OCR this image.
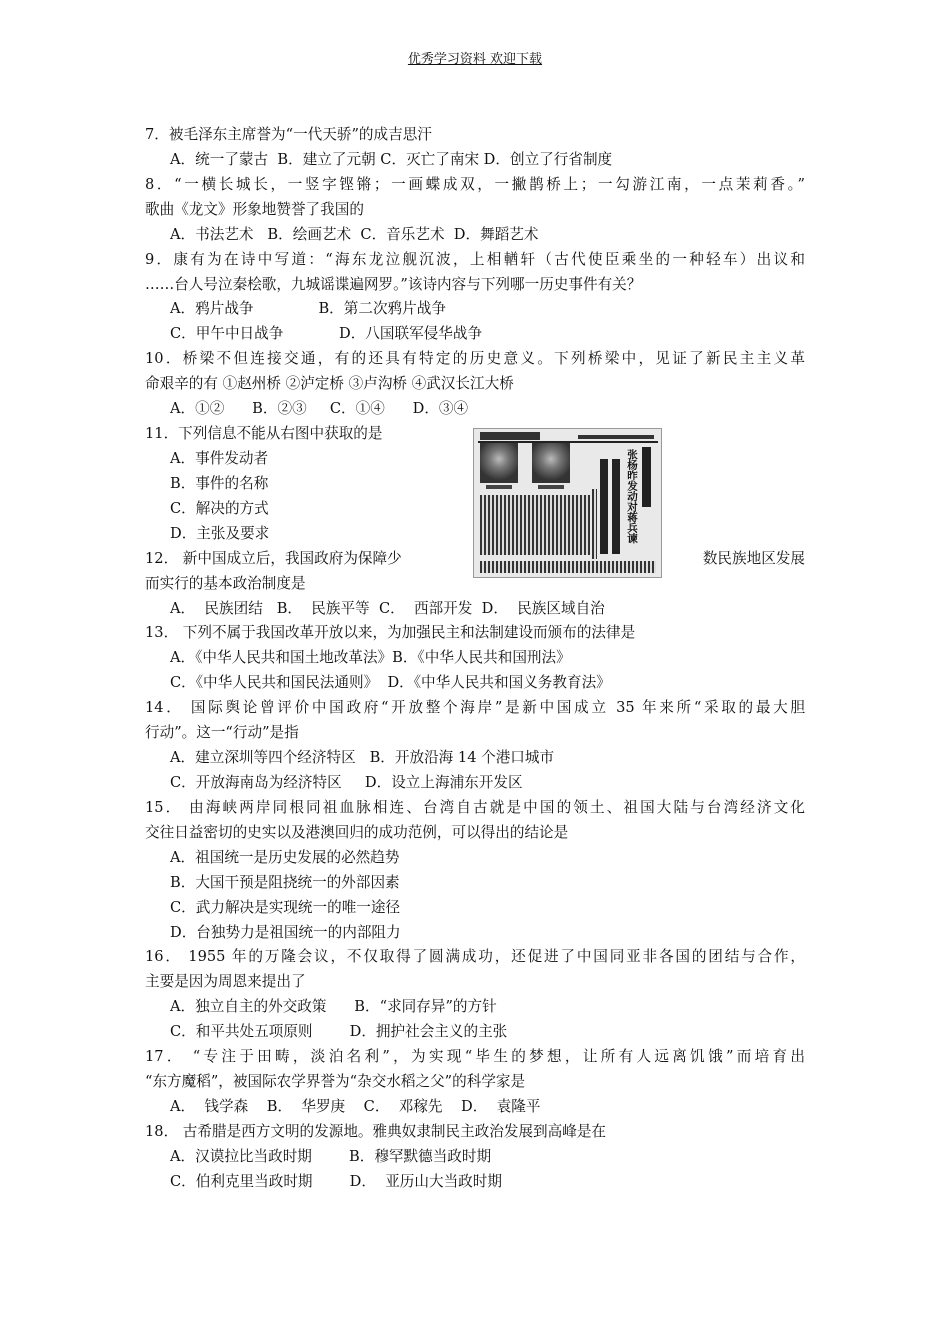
优秀学习资料 欢迎下载
7．被毛泽东主席誉为“一代天骄”的成吉思汗
A．统一了蒙古  B．建立了元朝 C．灭亡了南宋 D．创立了行省制度
8．“一横长城长，一竖字铿锵；一画蝶成双，一撇鹊桥上；一勾游江南，一点茉莉香。”
歌曲《龙文》形象地赞誉了我国的
A．书法艺术   B．绘画艺术  C．音乐艺术  D．舞蹈艺术
9．康有为在诗中写道：“海东龙泣舰沉波，上相輶轩（古代使臣乘坐的一种轻车）出议和
……台人号泣秦桧歌，九城谣谍遍网罗。”该诗内容与下列哪一历史事件有关？
A．鸦片战争              B．第二次鸦片战争
C．甲午中日战争            D．八国联军侵华战争
10．桥梁不但连接交通，有的还具有特定的历史意义。下列桥梁中，见证了新民主主义革
命艰辛的有 ①赵州桥 ②泸定桥 ③卢沟桥 ④武汉长江大桥
A．①②      B．②③     C．①④      D．③④
11．下列信息不能从右图中获取的是
A．事件发动者
B．事件的名称
C．解决的方式
D．主张及要求
12． 新中国成立后，我国政府为保障少	数民族地区发展
而实行的基本政治制度是
A．  民族团结   B．  民族平等  C．  西部开发  D．  民族区域自治
13． 下列不属于我国改革开放以来，为加强民主和法制建设而颁布的法律是
A．《中华人民共和国土地改革法》B．《中华人民共和国刑法》
C．《中华人民共和国民法通则》  D．《中华人民共和国义务教育法》
14． 国际舆论曾评价中国政府“开放整个海岸”是新中国成立 35 年来所“采取的最大胆
行动”。这一“行动”是指
A．建立深圳等四个经济特区   B．开放沿海 14 个港口城市
C．开放海南岛为经济特区     D．设立上海浦东开发区
15． 由海峡两岸同根同祖血脉相连、台湾自古就是中国的领土、祖国大陆与台湾经济文化
交往日益密切的史实以及港澳回归的成功范例，可以得出的结论是
A．祖国统一是历史发展的必然趋势
B．大国干预是阻挠统一的外部因素
C．武力解决是实现统一的唯一途径
D．台独势力是祖国统一的内部阻力
16． 1955 年的万隆会议，不仅取得了圆满成功，还促进了中国同亚非各国的团结与合作，
主要是因为周恩来提出了
A．独立自主的外交政策      B．“求同存异”的方针
C．和平共处五项原则        D．拥护社会主义的主张
17． “专注于田畴，淡泊名利”，为实现“毕生的梦想，让所有人远离饥饿”而培育出
“东方魔稻”，被国际农学界誉为“杂交水稻之父”的科学家是
A．  钱学森    B．  华罗庚    C．  邓稼先    D．  袁隆平
18． 古希腊是西方文明的发源地。雅典奴隶制民主政治发展到高峰是在
A．汉谟拉比当政时期        B．穆罕默德当政时期
C．伯利克里当政时期        D．  亚历山大当政时期
张杨昨发动对蒋兵谏
